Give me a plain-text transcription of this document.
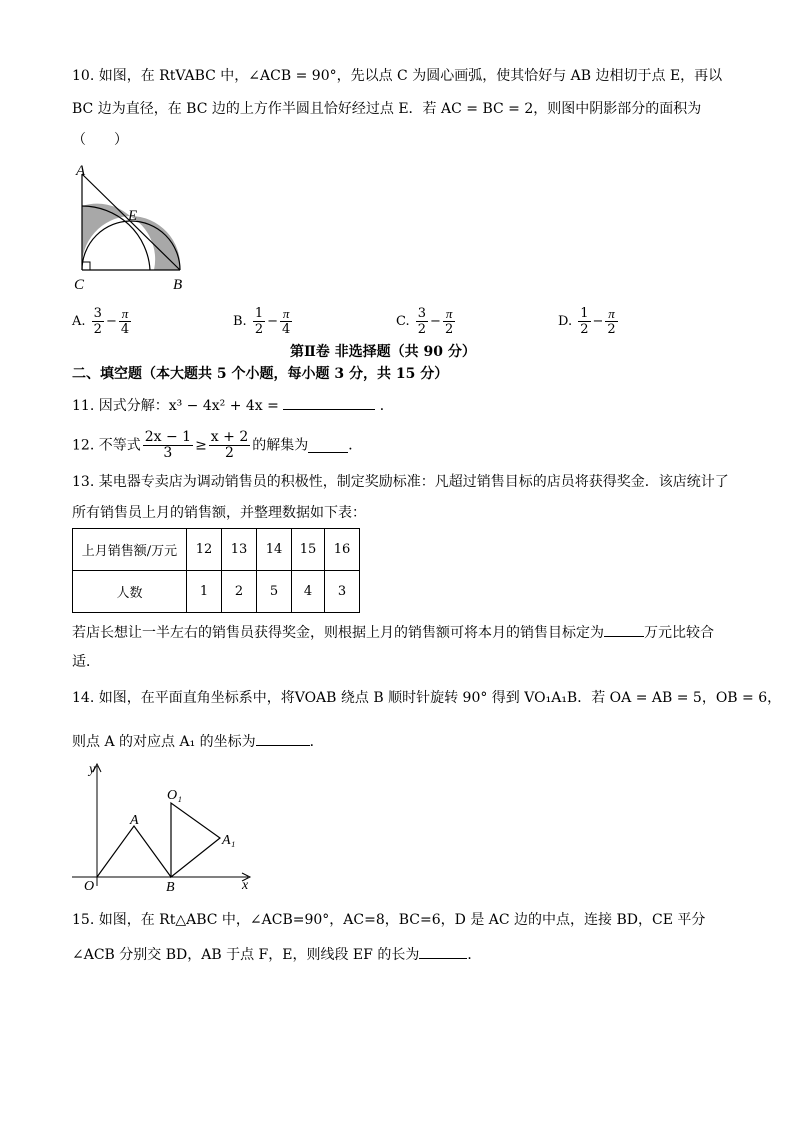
10. 如图，在 RtVABC 中，∠ACB = 90°，先以点 C 为圆心画弧，使其恰好与 AB 边相切于点 E，再以
BC 边为直径，在 BC 边的上方作半圆且恰好经过点 E．若 AC = BC = 2，则图中阴影部分的面积为
（　　）
A
E
C	B
A. $\frac{3}{2} - \frac{\pi}{4}$	B. $\frac{1}{2} - \frac{\pi}{4}$	C. $\frac{3}{2} - \frac{\pi}{2}$	D. $\frac{1}{2} - \frac{\pi}{2}$
第Ⅱ卷 非选择题（共 90 分）
二、填空题（本大题共 5 个小题，每小题 3 分，共 15 分）
11. 因式分解：x³ − 4x² + 4x =	．
12. 不等式 $\frac{2x - 1}{3} \ge \frac{x + 2}{2}$ 的解集为	．
13. 某电器专卖店为调动销售员的积极性，制定奖励标准：凡超过销售目标的店员将获得奖金．该店统计了
所有销售员上月的销售额，并整理数据如下表：
上月销售额/万元	12	13	14	15	16
人数	1	2	5	4	3
若店长想让一半左右的销售员获得奖金，则根据上月的销售额可将本月的销售目标定为	万元比较合
适．
14. 如图，在平面直角坐标系中，将VOAB 绕点 B 顺时针旋转 90° 得到 VO₁A₁B．若 OA = AB = 5，OB = 6，
则点 A 的对应点 A₁ 的坐标为	．
y
x
O
A
B
O₁
A₁
15. 如图，在 Rt△ABC 中，∠ACB=90°，AC=8，BC=6，D 是 AC 边的中点，连接 BD，CE 平分
∠ACB 分别交 BD，AB 于点 F，E，则线段 EF 的长为	．
